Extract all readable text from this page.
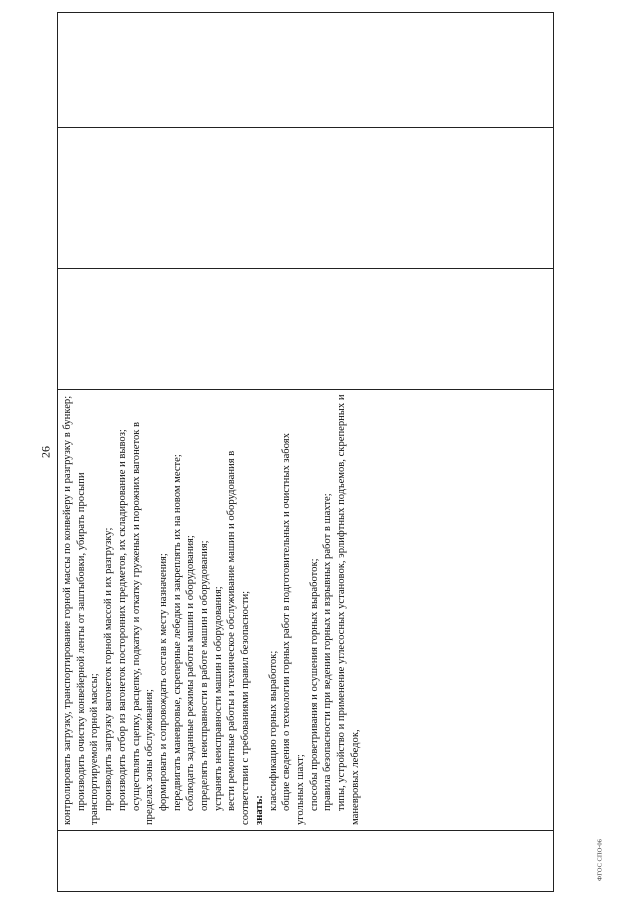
26
	контролировать загрузку, транспортирование горной массы по конвейеру и разгрузку в бункер; производить очистку конвейерной ленты от заштыбовки, убирать просыпи транспортируемой горной массы; производить загрузку вагонеток горной массой и их разгрузку; производить отбор из вагонеток посторонних предметов, их складирование и вывоз; осуществлять сцепку, расцепку, подкатку и откатку груженых и порожних вагонеток в пределах зоны обслуживания; формировать и сопровождать состав к месту назначения; передвигать маневровые, скреперные лебедки и закреплять их на новом месте; соблюдать заданные режимы работы машин и оборудования; определять неисправности в работе машин и оборудования; устранять неисправности машин и оборудования; вести ремонтные работы и техническое обслуживание машин и оборудования в соответствии с требованиями правил безопасности; знать: классификацию горных выработок; общие сведения о технологии горных работ в подготовительных и очистных забоях угольных шахт; способы проветривания и осушения горных выработок; правила безопасности при ведении горных и взрывных работ в шахте; типы, устройство и применение углесосных установок, эрлифтных подъемов, скреперных и маневровых лебедок,

ФГОС СПО-06
